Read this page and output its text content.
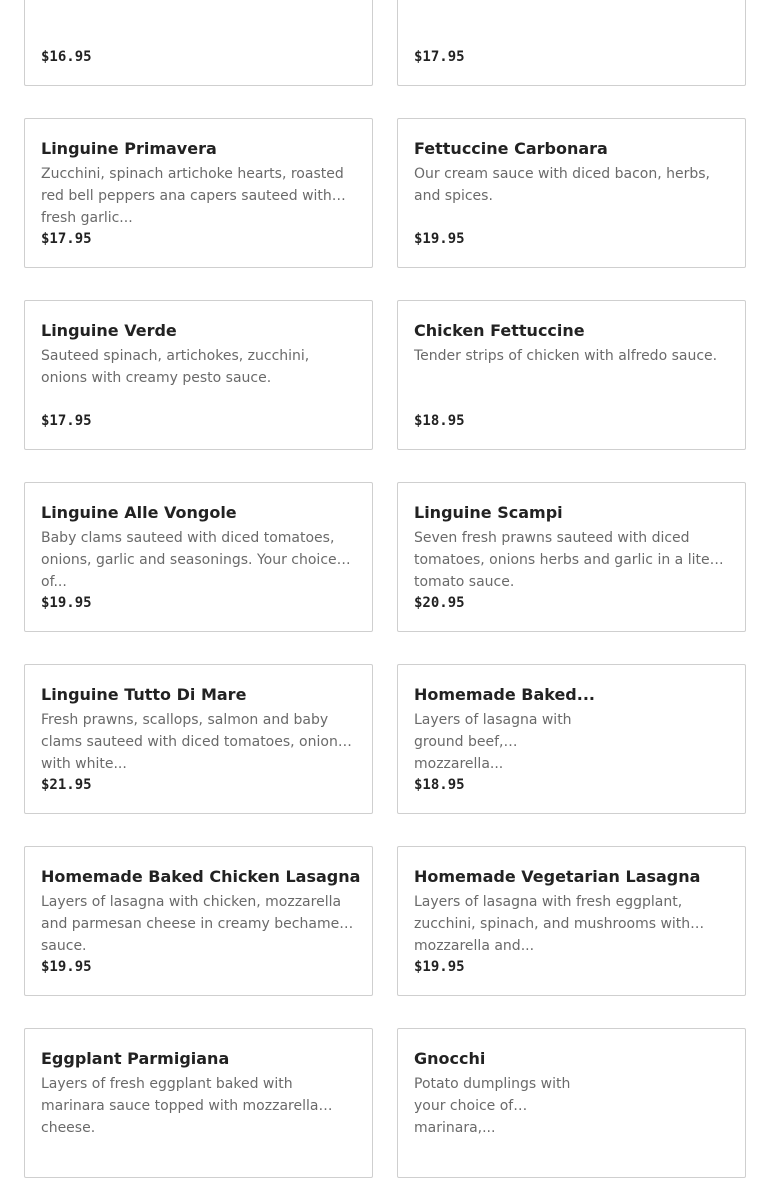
$16.95	$17.95
Linguine Primavera
Zucchini, spinach artichoke hearts, roasted red bell peppers ana capers sauteed with fresh garlic...
$17.95
Fettuccine Carbonara
Our cream sauce with diced bacon, herbs, and spices.
$19.95
Linguine Verde
Sauteed spinach, artichokes, zucchini, onions with creamy pesto sauce.
$17.95
Chicken Fettuccine
Tender strips of chicken with alfredo sauce.
$18.95
Linguine Alle Vongole
Baby clams sauteed with diced tomatoes, onions, garlic and seasonings. Your choice of...
$19.95
Linguine Scampi
Seven fresh prawns sauteed with diced tomatoes, onions herbs and garlic in a lite tomato sauce.
$20.95
Linguine Tutto Di Mare
Fresh prawns, scallops, salmon and baby clams sauteed with diced tomatoes, onions with white...
$21.95
Homemade Baked...
Layers of lasagna with ground beef, mozzarella...
$18.95
Homemade Baked Chicken Lasagna
Layers of lasagna with chicken, mozzarella and parmesan cheese in creamy bechamel sauce.
$19.95
Homemade Vegetarian Lasagna
Layers of lasagna with fresh eggplant, zucchini, spinach, and mushrooms with mozzarella and...
$19.95
Eggplant Parmigiana
Layers of fresh eggplant baked with marinara sauce topped with mozzarella cheese.
Gnocchi
Potato dumplings with your choice of marinara,...
